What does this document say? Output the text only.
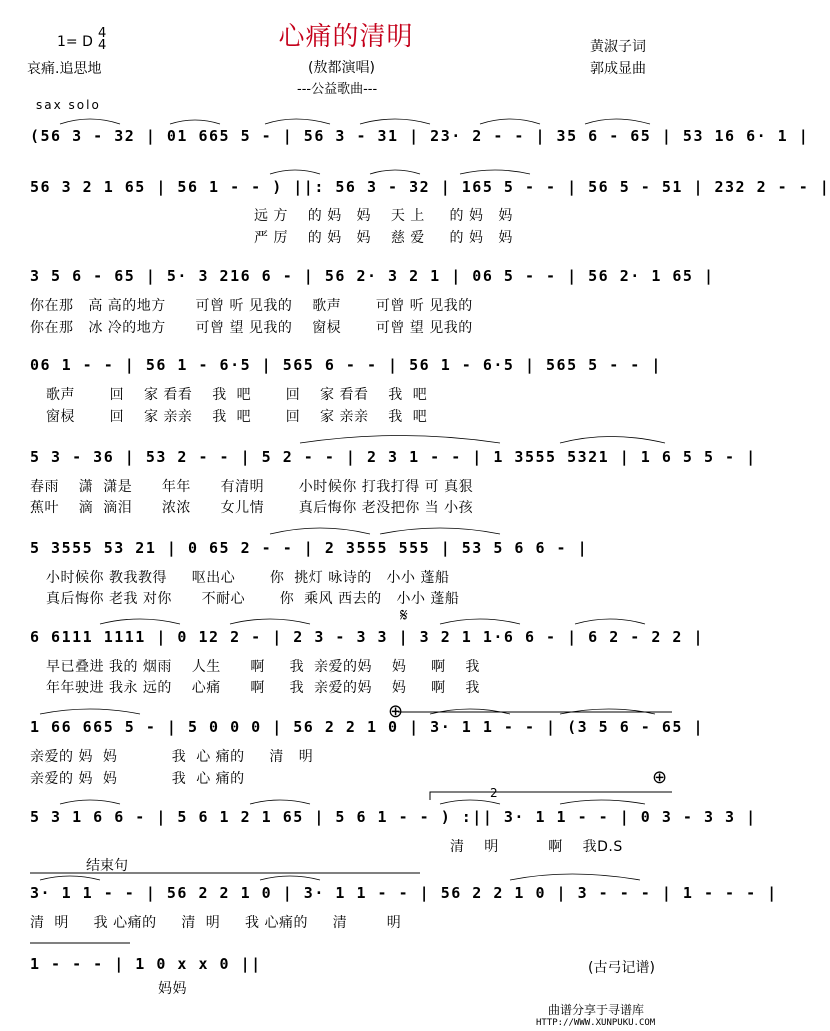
1= D
4
4	心痛的清明	黄淑子词
哀痛.追思地	(敖都演唱)	郭成显曲
---公益歌曲---
sax solo
(56 3 - 32 | 01 665 5 - | 56 3 - 31 | 23· 2 - - | 35 6 - 65 | 53 16 6· 1 |
56 3 2 1 65 | 56 1 - - ) ||: 56 3 - 32 | 165 5 - - | 56 5 - 51 | 232 2 - - |
远 方    的 妈   妈    天 上     的 妈   妈
严 厉    的 妈   妈    慈 爱     的 妈   妈
3 5 6 - 65 | 5· 3 216 6 - | 56 2· 3 2 1 | 06 5 - - | 56 2· 1 65 |
你在那   高 高的地方      可曾 听 见我的    歌声       可曾 听 见我的
你在那   冰 冷的地方      可曾 望 见我的    窗棂       可曾 望 见我的
06 1 - - | 56 1 - 6·5 | 565 6 - - | 56 1 - 6·5 | 565 5 - - |
歌声       回    家 看看    我  吧       回    家 看看    我  吧
窗棂       回    家 亲亲    我  吧       回    家 亲亲    我  吧
5 3 - 36 | 53 2 - - | 5 2 - - | 2 3 1 - - | 1 3555 5321 | 1 6 5 5 - |
春雨    潇  潇是      年年      有清明       小时候你 打我打得 可 真狠
蕉叶    滴  滴泪      浓浓      女儿情       真后悔你 老没把你 当 小孩
5 3555 53 21 | 0 65 2 - - | 2 3555 555 | 53 5 6 6 - |
小时候你 教我教得     呕出心       你  挑灯 咏诗的   小小 蓬船
真后悔你 老我 对你      不耐心       你  乘风 西去的   小小 蓬船
𝄋
6 6111 1111 | 0 12 2 - | 2 3 - 3 3 | 3 2 1 1·6 6 - | 6 2 - 2 2 |
早已叠进 我的 烟雨    人生      啊     我  亲爱的妈    妈     啊    我
年年驶进 我永 远的    心痛      啊     我  亲爱的妈    妈     啊    我
⊕
1 66 665 5 - | 5 0 0 0 | 56 2 2 1 0 | 3· 1 1 - - | (3 5 6 - 65 |
亲爱的 妈  妈           我  心 痛的     清   明
亲爱的 妈  妈           我  心 痛的	⊕
2
5 3 1 6 6 - | 5 6 1 2 1 65 | 5 6 1 - - ) :|| 3· 1 1 - - | 0 3 - 3 3 |
清    明          啊    我D.S
结束句
3· 1 1 - - | 56 2 2 1 0 | 3· 1 1 - - | 56 2 2 1 0 | 3 - - - | 1 - - - |
清  明     我 心痛的     清  明     我 心痛的     清        明
1 - - - | 1 0 x x 0 ||
妈妈
(古弓记谱)
曲谱分享于寻谱库
HTTP://WWW.XUNPUKU.COM
